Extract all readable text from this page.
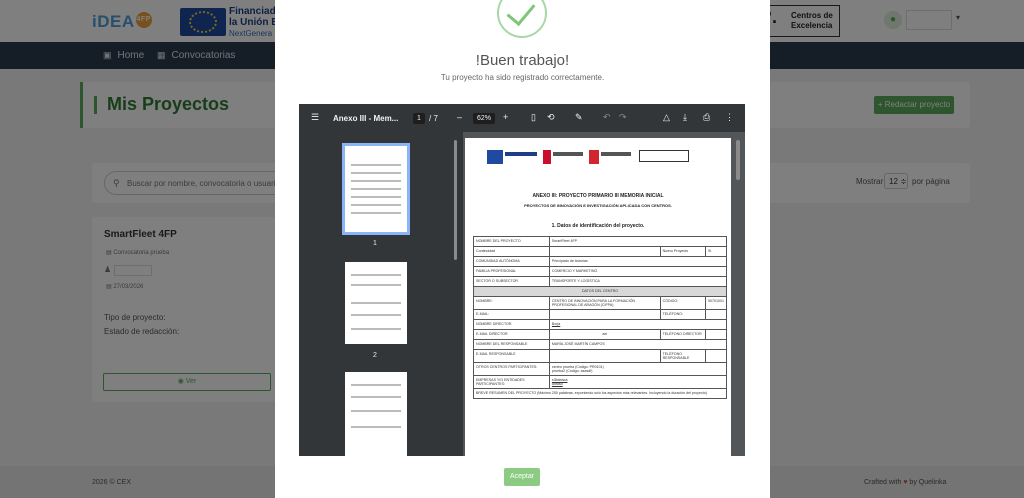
!Buen trabajo!
Tu proyecto ha sido registrado correctamente.
☰ Anexo III - Mem...	1	/ 7 –	62%	+	▯ ⟲ ✎ ↶ ↷	△ ⤓ ⎙ ⋮
1
2
ANEXO III: PROYECTO PRIMARIO III MEMORIA INICIAL
PROYECTOS DE INNOVACIÓN E INVESTIGACIÓN APLICADA CON CENTROS.
1. Datos de identificación del proyecto.
NOMBRE DEL PROYECTO	SmartFleet 4FP		
Continuidad		Nuevo Proyecto	Sí
COMUNIDAD AUTÓNOMA	Principado de Asturias		
FAMILIA PROFESIONAL	COMERCIO Y MARKETING		
SECTOR O SUBSECTOR	TRANSPORTE Y LOGÍSTICA		
DATOS DEL CENTRO			
NOMBRE:	CENTRO DE INNOVACIÓN PARA LA FORMACIÓN PROFESIONAL DE ARAGÓN (CIFPA)	CÓDIGO:	50701001
E-MAIL:		TELÉFONO:	
NOMBRE DIRECTOR	Borja		
E-MAIL DIRECTOR	aei	TELÉFONO DIRECTOR	
NOMBRE DEL RESPONSABLE	MARÍA JOSÉ MARTÍN CAMPOS		
E-MAIL RESPONSABLE		TELÉFONO RESPONSABLE	
OTROS CENTROS PARTICIPANTES:	centro prueba (Código: PR0101)
prueba2 (Código: asasdf)		

EMPRESAS Y/O ENTIDADES PARTICIPANTES:	s3babaca
adfasd		

BREVE RESUMEN DEL PROYECTO (Máximo 250 palabras, exponiendo solo los aspectos más relevantes. Incluyendo la duración del proyecto)			
Aceptar
